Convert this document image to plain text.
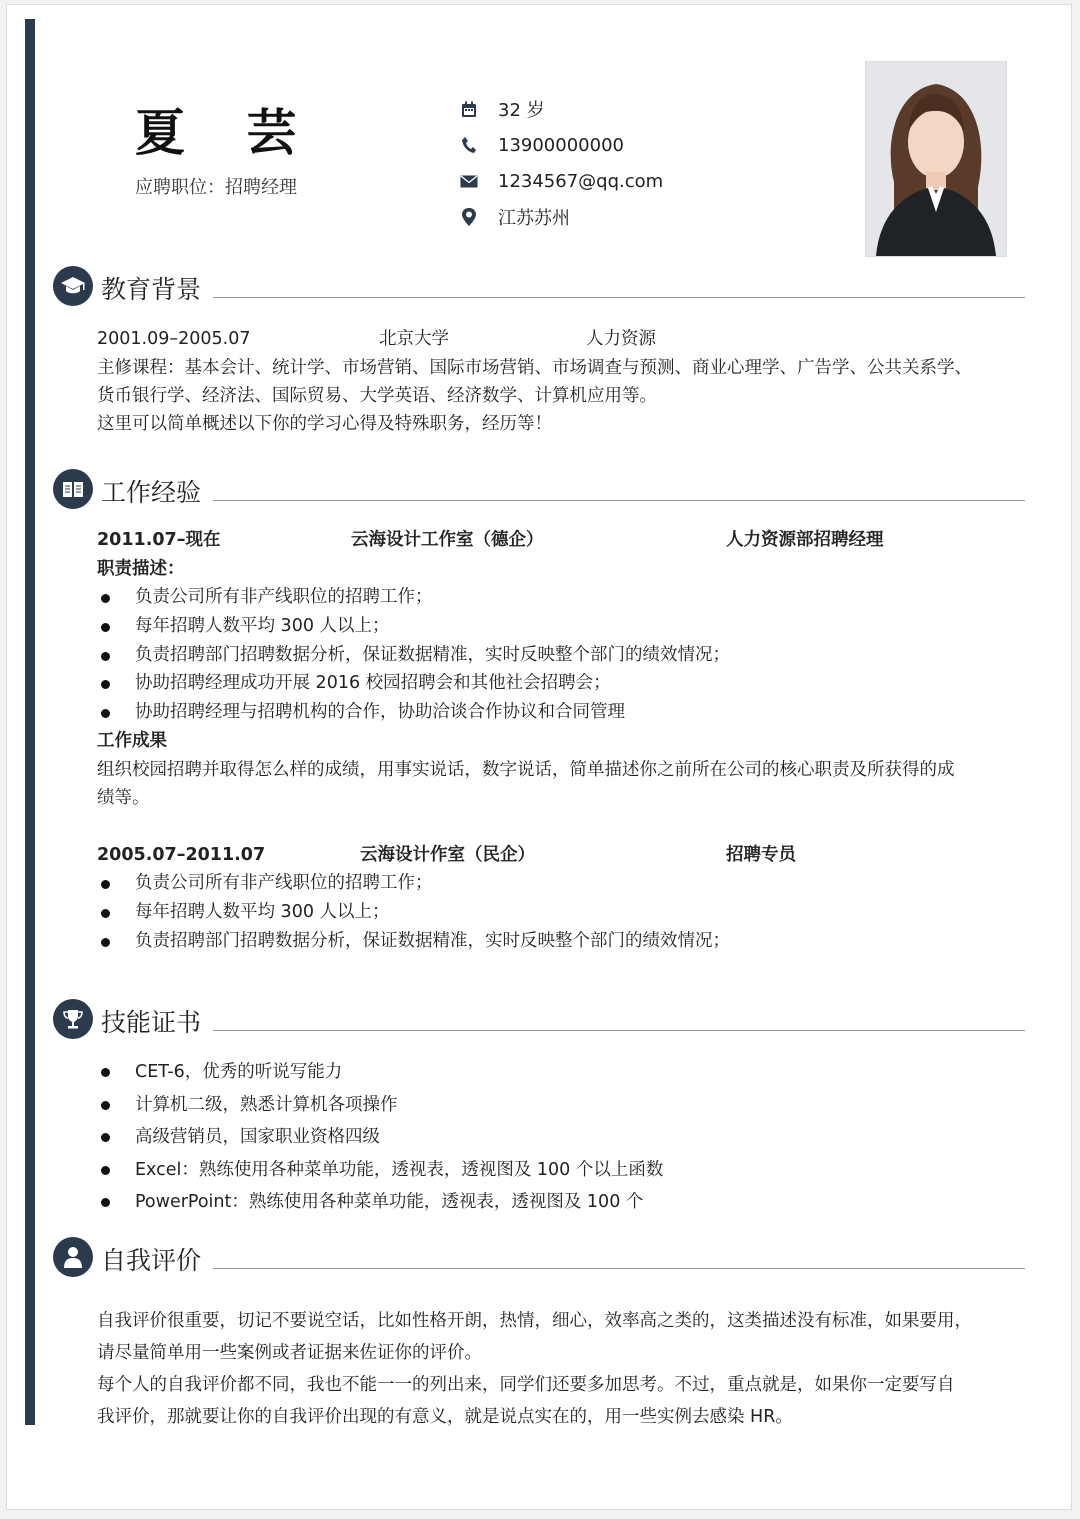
夏 芸
应聘职位：招聘经理
32 岁
13900000000
1234567@qq.com
江苏苏州
教育背景
2001.09–2005.07	北京大学	人力资源
主修课程：基本会计、统计学、市场营销、国际市场营销、市场调查与预测、商业心理学、广告学、公共关系学、
货币银行学、经济法、国际贸易、大学英语、经济数学、计算机应用等。
这里可以简单概述以下你的学习心得及特殊职务，经历等！
工作经验
2011.07–现在	云海设计工作室（德企）	人力资源部招聘经理
职责描述：
负责公司所有非产线职位的招聘工作；
每年招聘人数平均 300 人以上；
负责招聘部门招聘数据分析，保证数据精准，实时反映整个部门的绩效情况；
协助招聘经理成功开展 2016 校园招聘会和其他社会招聘会；
协助招聘经理与招聘机构的合作，协助洽谈合作协议和合同管理
工作成果
组织校园招聘并取得怎么样的成绩，用事实说话，数字说话，简单描述你之前所在公司的核心职责及所获得的成
绩等。
2005.07–2011.07	云海设计作室（民企）	招聘专员
负责公司所有非产线职位的招聘工作；
每年招聘人数平均 300 人以上；
负责招聘部门招聘数据分析，保证数据精准，实时反映整个部门的绩效情况；
技能证书
CET-6，优秀的听说写能力
计算机二级，熟悉计算机各项操作
高级营销员，国家职业资格四级
Excel：熟练使用各种菜单功能，透视表，透视图及 100 个以上函数
PowerPoint：熟练使用各种菜单功能，透视表，透视图及 100 个
自我评价
自我评价很重要，切记不要说空话，比如性格开朗，热情，细心，效率高之类的，这类描述没有标准，如果要用，
请尽量简单用一些案例或者证据来佐证你的评价。
每个人的自我评价都不同，我也不能一一的列出来，同学们还要多加思考。不过，重点就是，如果你一定要写自
我评价，那就要让你的自我评价出现的有意义，就是说点实在的，用一些实例去感染 HR。
